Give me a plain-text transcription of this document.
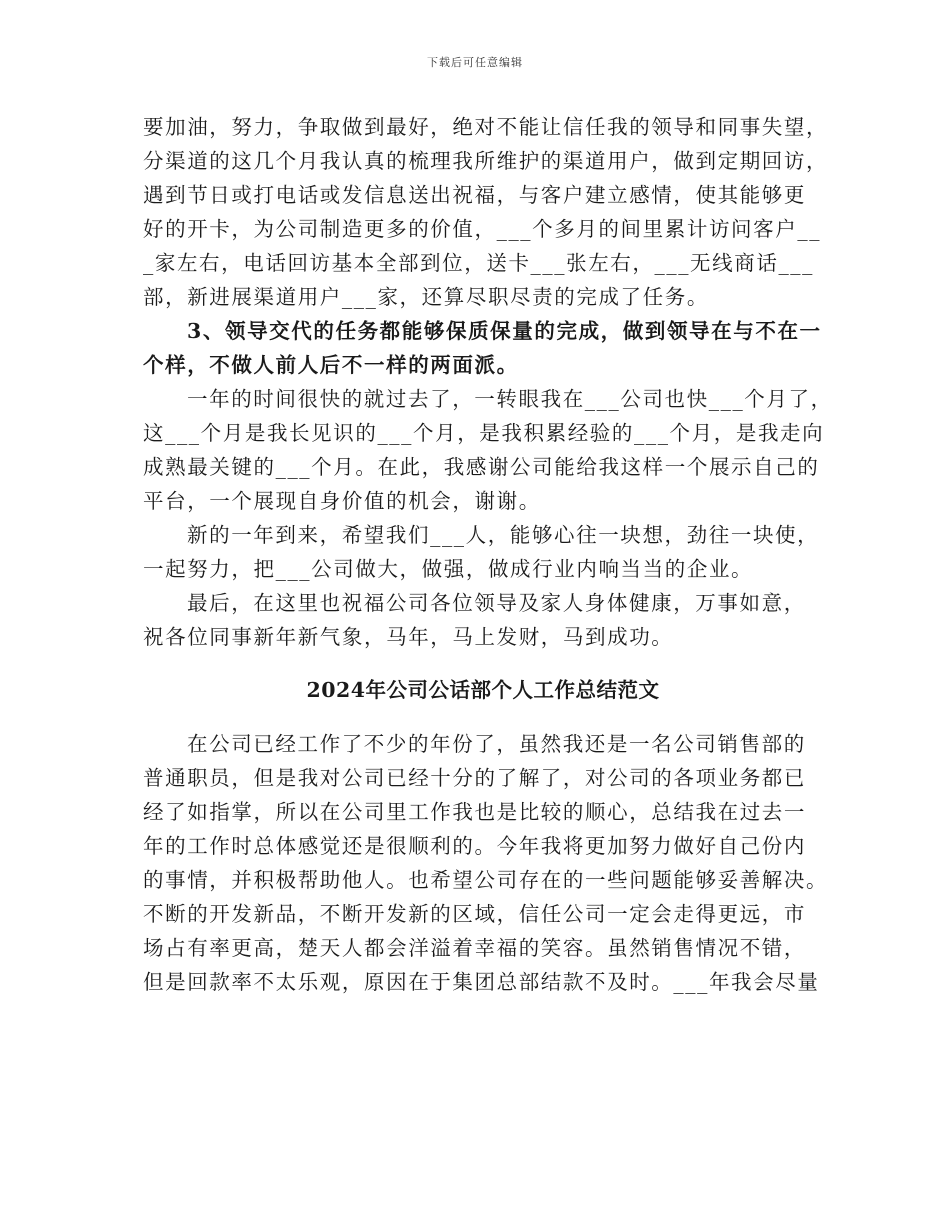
下载后可任意编辑
要加油，努力，争取做到最好，绝对不能让信任我的领导和同事失望，
分渠道的这几个月我认真的梳理我所维护的渠道用户，做到定期回访，
遇到节日或打电话或发信息送出祝福，与客户建立感情，使其能够更
好的开卡，为公司制造更多的价值，___个多月的间里累计访问客户__
_家左右，电话回访基本全部到位，送卡___张左右，___无线商话___
部，新进展渠道用户___家，还算尽职尽责的完成了任务。
3、领导交代的任务都能够保质保量的完成，做到领导在与不在一
个样，不做人前人后不一样的两面派。
一年的时间很快的就过去了，一转眼我在___公司也快___个月了，
这___个月是我长见识的___个月，是我积累经验的___个月，是我走向
成熟最关键的___个月。在此，我感谢公司能给我这样一个展示自己的
平台，一个展现自身价值的机会，谢谢。
新的一年到来，希望我们___人，能够心往一块想，劲往一块使，
一起努力，把___公司做大，做强，做成行业内响当当的企业。
最后，在这里也祝福公司各位领导及家人身体健康，万事如意，
祝各位同事新年新气象，马年，马上发财，马到成功。
2024年公司公话部个人工作总结范文
在公司已经工作了不少的年份了，虽然我还是一名公司销售部的
普通职员，但是我对公司已经十分的了解了，对公司的各项业务都已
经了如指掌，所以在公司里工作我也是比较的顺心，总结我在过去一
年的工作时总体感觉还是很顺利的。今年我将更加努力做好自己份内
的事情，并积极帮助他人。也希望公司存在的一些问题能够妥善解决。
不断的开发新品，不断开发新的区域，信任公司一定会走得更远，市
场占有率更高，楚天人都会洋溢着幸福的笑容。虽然销售情况不错，
但是回款率不太乐观，原因在于集团总部结款不及时。___年我会尽量
